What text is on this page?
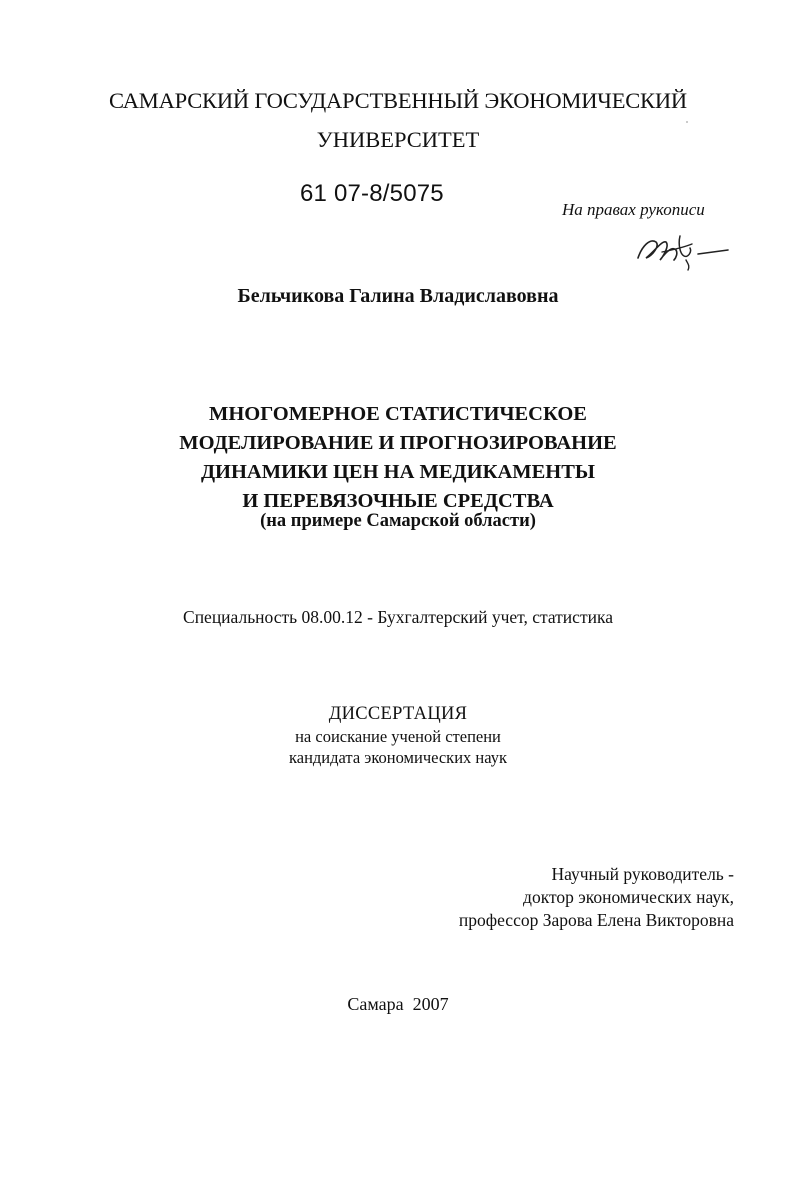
САМАРСКИЙ ГОСУДАРСТВЕННЫЙ ЭКОНОМИЧЕСКИЙ
УНИВЕРСИТЕТ
61 07-8/5075
На правах рукописи
Бельчикова Галина Владиславовна
МНОГОМЕРНОЕ СТАТИСТИЧЕСКОЕ
МОДЕЛИРОВАНИЕ И ПРОГНОЗИРОВАНИЕ
ДИНАМИКИ ЦЕН НА МЕДИКАМЕНТЫ
И ПЕРЕВЯЗОЧНЫЕ СРЕДСТВА
(на примере Самарской области)
Специальность 08.00.12 - Бухгалтерский учет, статистика
ДИССЕРТАЦИЯ
на соискание ученой степени
кандидата экономических наук
Научный руководитель -
доктор экономических наук,
профессор Зарова Елена Викторовна
Самара  2007
